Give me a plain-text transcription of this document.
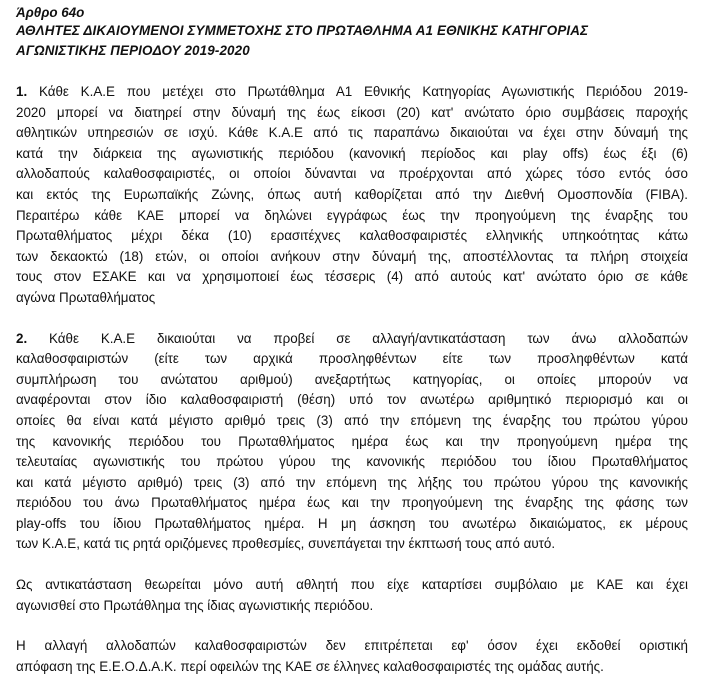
Άρθρο 64ο

ΑΘΛΗΤΕΣ ΔΙΚΑΙΟΥΜΕΝΟΙ ΣΥΜΜΕΤΟΧΗΣ ΣΤΟ ΠΡΩΤΑΘΛΗΜΑ Α1 ΕΘΝΙΚΗΣ ΚΑΤΗΓΟΡΙΑΣ
ΑΓΩΝΙΣΤΙΚΗΣ ΠΕΡΙΟΔΟΥ 2019-2020

1. Κάθε Κ.Α.Ε που μετέχει στο Πρωτάθλημα Α1 Εθνικής Κατηγορίας Αγωνιστικής Περιόδου 2019-
2020 μπορεί να διατηρεί στην δύναμή της έως είκοσι (20) κατ' ανώτατο όριο συμβάσεις παροχής
αθλητικών υπηρεσιών σε ισχύ. Κάθε Κ.Α.Ε από τις παραπάνω δικαιούται να έχει στην δύναμή της
κατά την διάρκεια της αγωνιστικής περιόδου (κανονική περίοδος και play offs) έως έξι (6)
αλλοδαπούς καλαθοσφαιριστές, οι οποίοι δύνανται να προέρχονται από χώρες τόσο εντός όσο
και εκτός της Ευρωπαϊκής Ζώνης, όπως αυτή καθορίζεται από την Διεθνή Ομοσπονδία (FIBA).
Περαιτέρω κάθε ΚΑΕ μπορεί να δηλώνει εγγράφως έως την προηγούμενη της έναρξης του
Πρωταθλήματος μέχρι δέκα (10) ερασιτέχνες καλαθοσφαιριστές ελληνικής υπηκοότητας κάτω
των δεκαοκτώ (18) ετών, οι οποίοι ανήκουν στην δύναμή της, αποστέλλοντας τα πλήρη στοιχεία
τους στον ΕΣΑΚΕ και να χρησιμοποιεί έως τέσσερις (4) από αυτούς κατ' ανώτατο όριο σε κάθε
αγώνα Πρωταθλήματος

2. Κάθε Κ.Α.Ε δικαιούται να προβεί σε αλλαγή/αντικατάσταση των άνω αλλοδαπών
καλαθοσφαιριστών (είτε των αρχικά προσληφθέντων είτε των προσληφθέντων κατά
συμπλήρωση του ανώτατου αριθμού) ανεξαρτήτως κατηγορίας, οι οποίες μπορούν να
αναφέρονται στον ίδιο καλαθοσφαιριστή (θέση) υπό τον ανωτέρω αριθμητικό περιορισμό και οι
οποίες θα είναι κατά μέγιστο αριθμό τρεις (3) από την επόμενη της έναρξης του πρώτου γύρου
της κανονικής περιόδου του Πρωταθλήματος ημέρα έως και την προηγούμενη ημέρα της
τελευταίας αγωνιστικής του πρώτου γύρου της κανονικής περιόδου του ίδιου Πρωταθλήματος
και κατά μέγιστο αριθμό) τρεις (3) από την επόμενη της λήξης του πρώτου γύρου της κανονικής
περιόδου του άνω Πρωταθλήματος ημέρα έως και την προηγούμενη της έναρξης της φάσης των
play-offs του ίδιου Πρωταθλήματος ημέρα. Η μη άσκηση του ανωτέρω δικαιώματος, εκ μέρους
των Κ.Α.Ε, κατά τις ρητά οριζόμενες προθεσμίες, συνεπάγεται την έκπτωσή τους από αυτό.

Ως αντικατάσταση θεωρείται μόνο αυτή αθλητή που είχε καταρτίσει συμβόλαιο με ΚΑΕ και έχει
αγωνισθεί στο Πρωτάθλημα της ίδιας αγωνιστικής περιόδου.

Η αλλαγή αλλοδαπών καλαθοσφαιριστών δεν επιτρέπεται εφ' όσον έχει εκδοθεί οριστική
απόφαση της Ε.Ε.Ο.Δ.Α.Κ. περί οφειλών της ΚΑΕ σε έλληνες καλαθοσφαιριστές της ομάδας αυτής.
